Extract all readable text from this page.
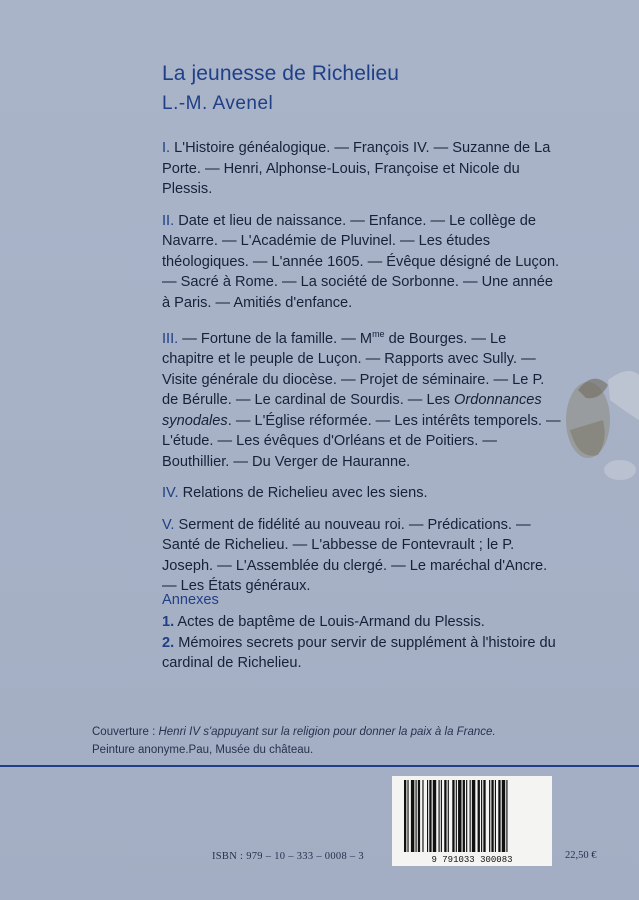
La jeunesse de Richelieu
L.-M. Avenel

I. L'Histoire généalogique. — François IV. — Suzanne de La Porte. — Henri, Alphonse-Louis, Françoise et Nicole du Plessis.

II. Date et lieu de naissance. — Enfance. — Le collège de Navarre. — L'Académie de Pluvinel. — Les études théologiques. — L'année 1605. — Évêque désigné de Luçon. — Sacré à Rome. — La société de Sorbonne. — Une année à Paris. — Amitiés d'enfance.

III. — Fortune de la famille. — $M^{me}$ de Bourges. — Le chapitre et le peuple de Luçon. — Rapports avec Sully. — Visite générale du diocèse. — Projet de séminaire. — Le P. de Bérulle. — Le cardinal de Sourdis. — Les Ordonnances synodales. — L'Église réformée. — Les intérêts temporels. — L'étude. — Les évêques d'Orléans et de Poitiers. — Bouthillier. — Du Verger de Hauranne.

IV. Relations de Richelieu avec les siens.

V. Serment de fidélité au nouveau roi. — Prédications. — Santé de Richelieu. — L'abbesse de Fontevrault ; le P. Joseph. — L'Assemblée du clergé. — Le maréchal d'Ancre. — Les États généraux.

Annexes

1. Actes de baptême de Louis-Armand du Plessis.

2. Mémoires secrets pour servir de supplément à l'histoire du cardinal de Richelieu.

Couverture : Henri IV s'appuyant sur la religion pour donner la paix à la France.
Peinture anonyme.Pau, Musée du château.
9 791033 300083
ISBN : 979 – 10 – 333 – 0008 – 3	22,50 €
